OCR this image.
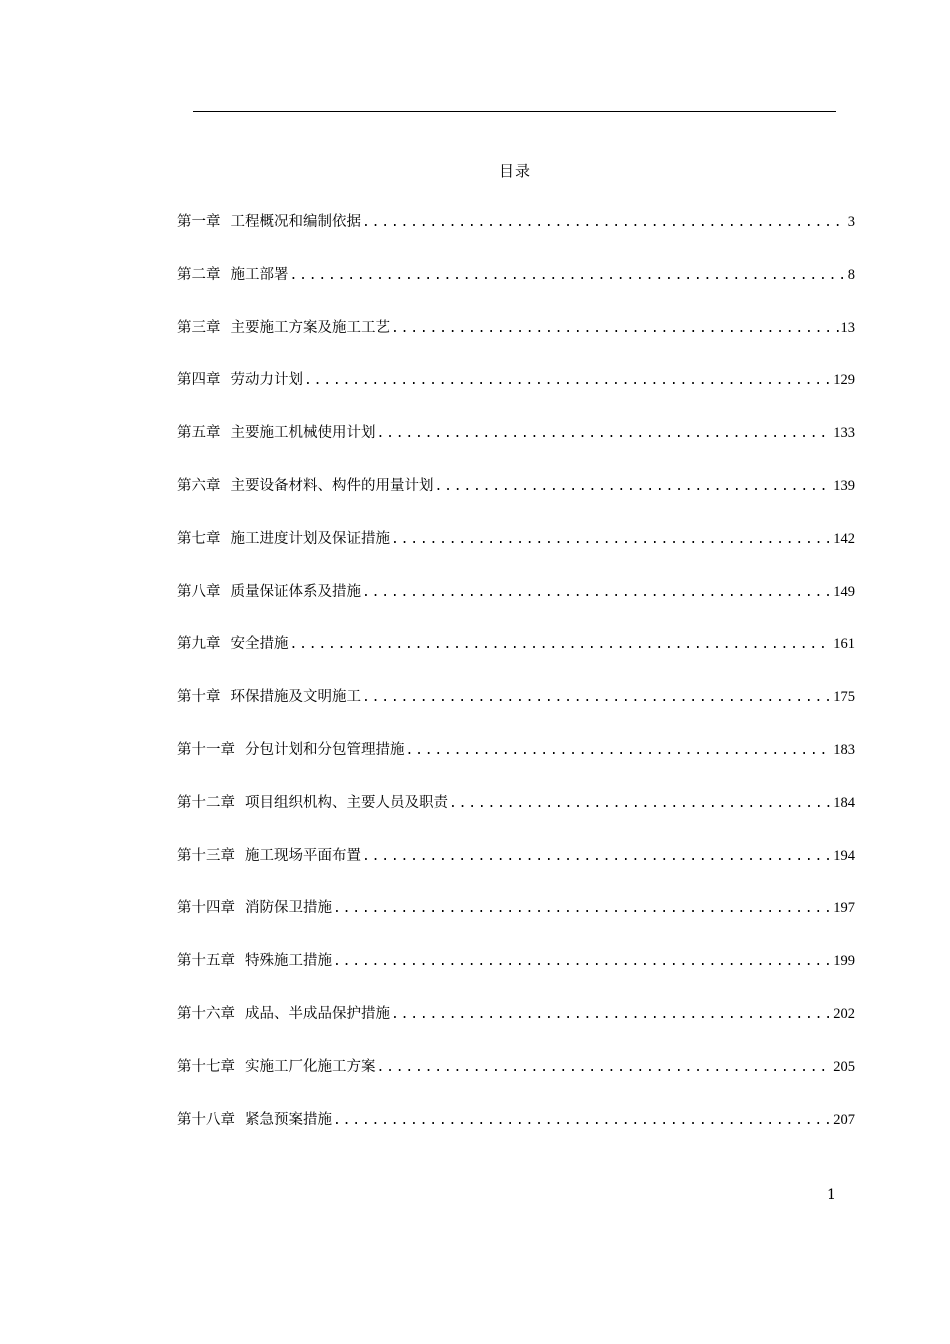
目录
第一章 工程概况和编制依据 .....	3
第二章 施工部署 .....	8
第三章 主要施工方案及施工工艺 .....	13
第四章 劳动力计划 .....	129
第五章 主要施工机械使用计划 .....	133
第六章 主要设备材料、构件的用量计划 .....	139
第七章 施工进度计划及保证措施 .....	142
第八章 质量保证体系及措施 .....	149
第九章 安全措施 .....	161
第十章 环保措施及文明施工 .....	175
第十一章 分包计划和分包管理措施 .....	183
第十二章 项目组织机构、主要人员及职责 .....	184
第十三章 施工现场平面布置 .....	194
第十四章 消防保卫措施 .....	197
第十五章 特殊施工措施 .....	199
第十六章 成品、半成品保护措施 .....	202
第十七章 实施工厂化施工方案 .....	205
第十八章 紧急预案措施 .....	207
1
